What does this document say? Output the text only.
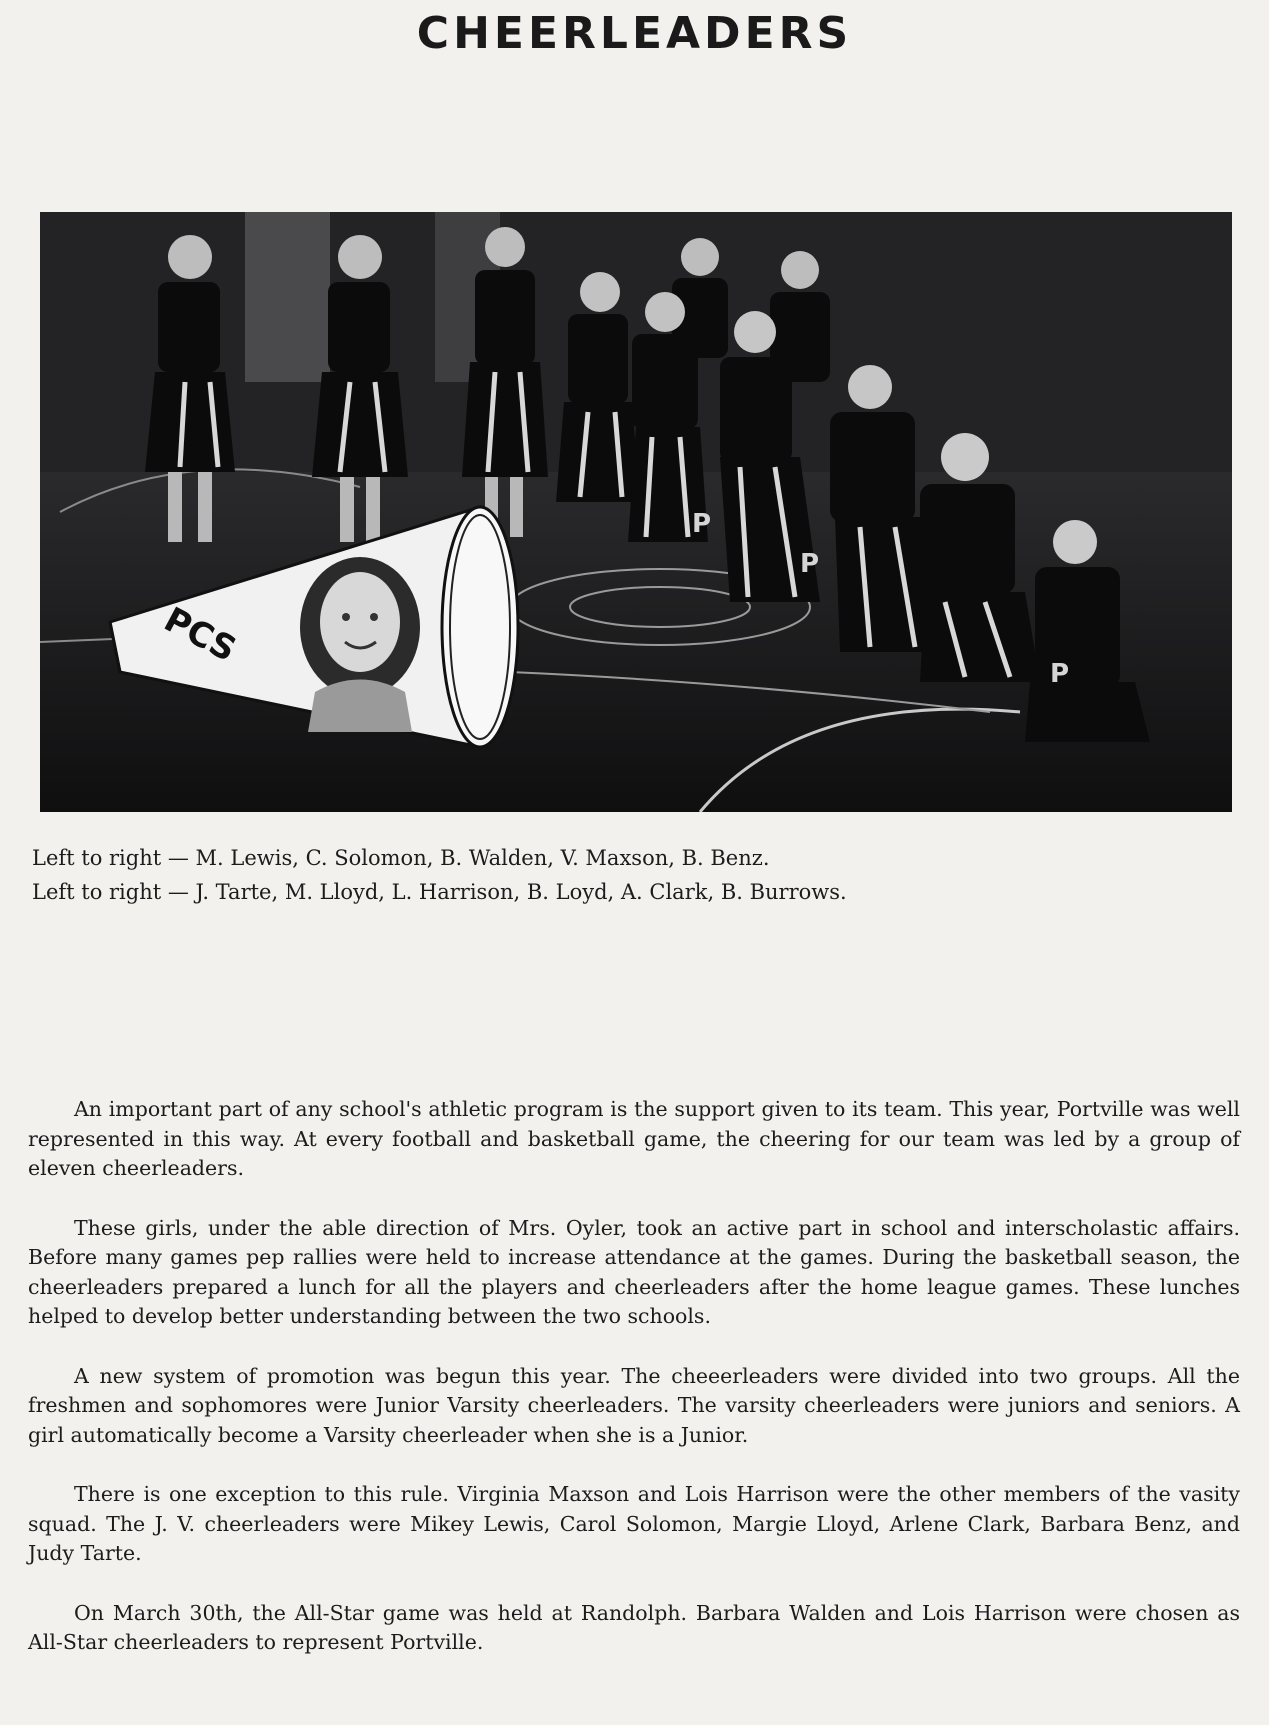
CHEERLEADERS
P
P
P
PCS
Left to right — M. Lewis, C. Solomon, B. Walden, V. Maxson, B. Benz.
Left to right — J. Tarte, M. Lloyd, L. Harrison, B. Loyd, A. Clark, B. Burrows.

An important part of any school's athletic program is the support given to its team. This year, Portville was well represented in this way. At every football and basketball game, the cheering for our team was led by a group of eleven cheerleaders.

These girls, under the able direction of Mrs. Oyler, took an active part in school and interscholastic affairs. Before many games pep rallies were held to increase attendance at the games. During the basketball season, the cheerleaders prepared a lunch for all the players and cheerleaders after the home league games. These lunches helped to develop better understanding between the two schools.

A new system of promotion was begun this year. The cheeerleaders were divided into two groups. All the freshmen and sophomores were Junior Varsity cheerleaders. The varsity cheerleaders were juniors and seniors. A girl automatically become a Varsity cheerleader when she is a Junior.

There is one exception to this rule. Virginia Maxson and Lois Harrison were the other members of the vasity squad. The J. V. cheerleaders were Mikey Lewis, Carol Solomon, Margie Lloyd, Arlene Clark, Barbara Benz, and Judy Tarte.

On March 30th, the All-Star game was held at Randolph. Barbara Walden and Lois Harrison were chosen as All-Star cheerleaders to represent Portville.
